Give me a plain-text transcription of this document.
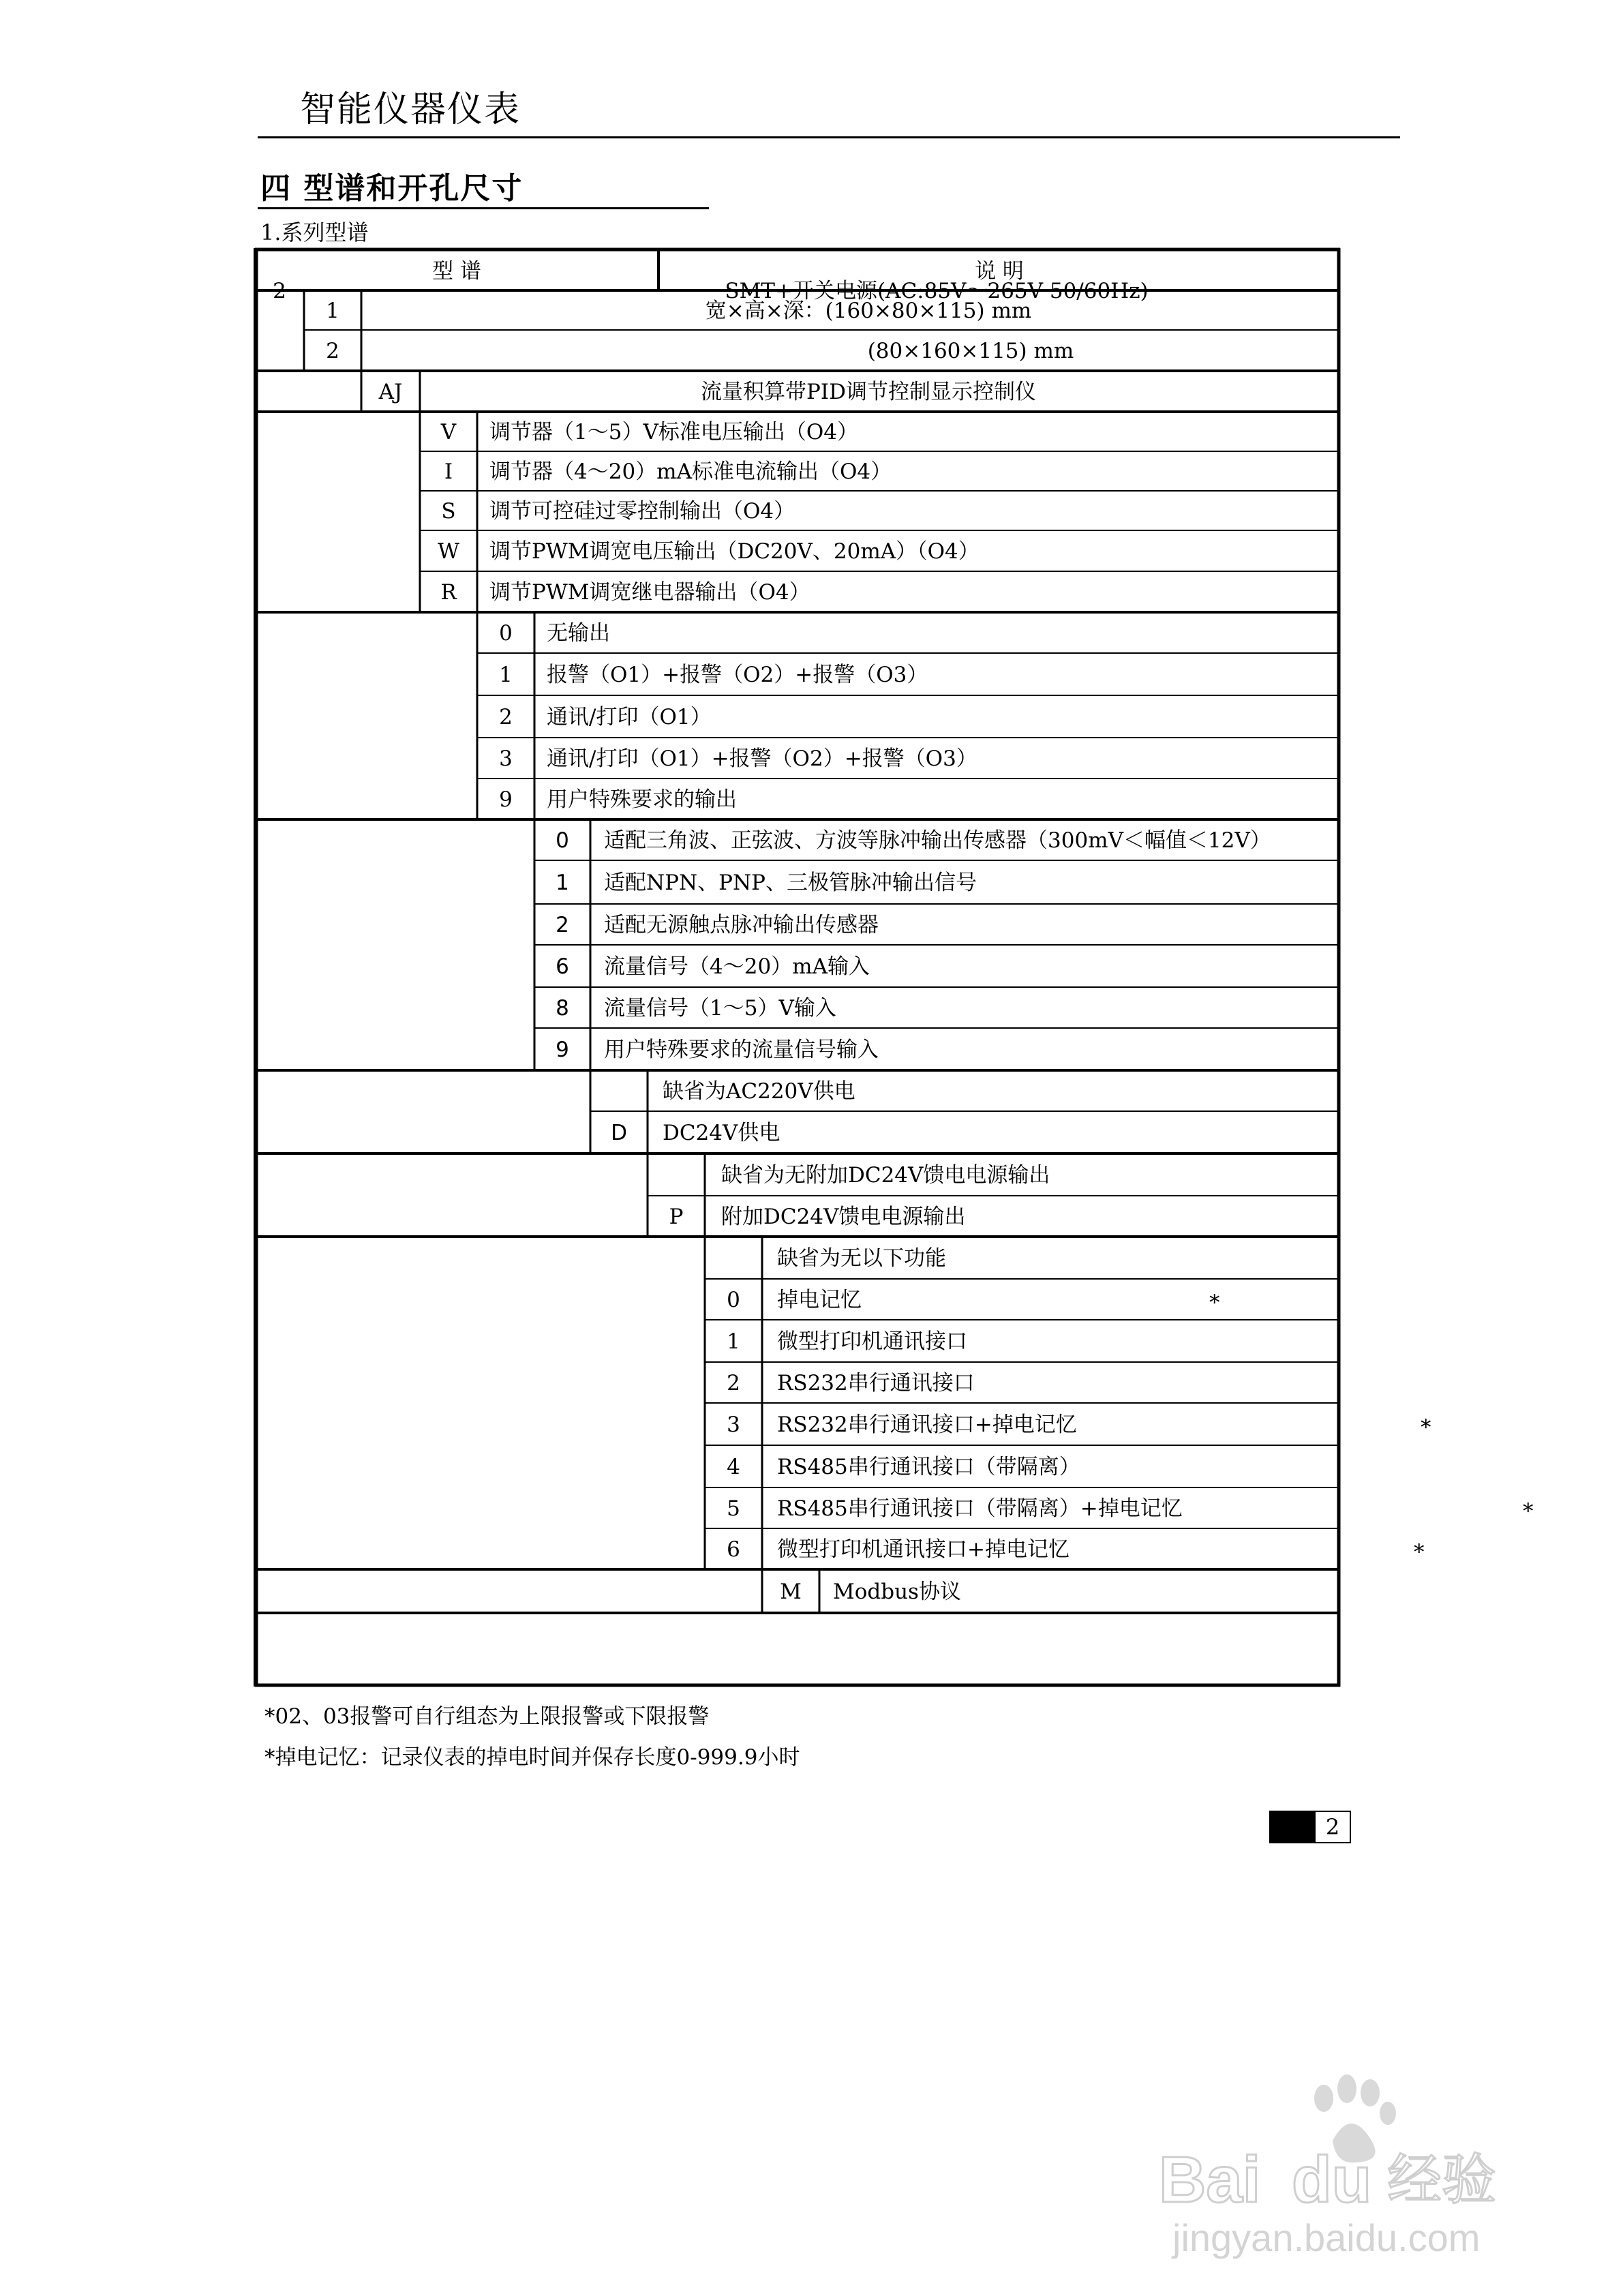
智能仪器仪表
四 型谱和开孔尺寸
1.系列型谱
型 谱	说 明
2	SMT+开关电源(AC:85V～265V 50/60Hz)
1	宽×高×深：(160×80×115) mm
2	(80×160×115) mm
AJ	流量积算带PID调节控制显示控制仪
V 调节器（1～5）V标准电压输出（O4）
I 调节器（4～20）mA标准电流输出（O4）
S 调节可控硅过零控制输出（O4）
W 调节PWM调宽电压输出（DC20V、20mA）（O4）
R 调节PWM调宽继电器输出（O4）
0 无输出
1 报警（O1）+报警（O2）+报警（O3）
2 通讯/打印（O1）
3 通讯/打印（O1）+报警（O2）+报警（O3）
9 用户特殊要求的输出
0 适配三角波、正弦波、方波等脉冲输出传感器（300mV＜幅值＜12V）
1 适配NPN、PNP、三极管脉冲输出信号
2 适配无源触点脉冲输出传感器
6 流量信号（4～20）mA输入
8 流量信号（1～5）V输入
9 用户特殊要求的流量信号输入
缺省为AC220V供电
D DC24V供电
缺省为无附加DC24V馈电电源输出
P 附加DC24V馈电电源输出
缺省为无以下功能
0 掉电记忆	*
1 微型打印机通讯接口
2 RS232串行通讯接口
3 RS232串行通讯接口+掉电记忆	*
4 RS485串行通讯接口（带隔离）
5 RS485串行通讯接口（带隔离）+掉电记忆	*
6 微型打印机通讯接口+掉电记忆	*
M Modbus协议
*02、03报警可自行组态为上限报警或下限报警
*掉电记忆：记录仪表的掉电时间并保存长度0-999.9小时
2
Bai du 经验
jingyan.baidu.com
